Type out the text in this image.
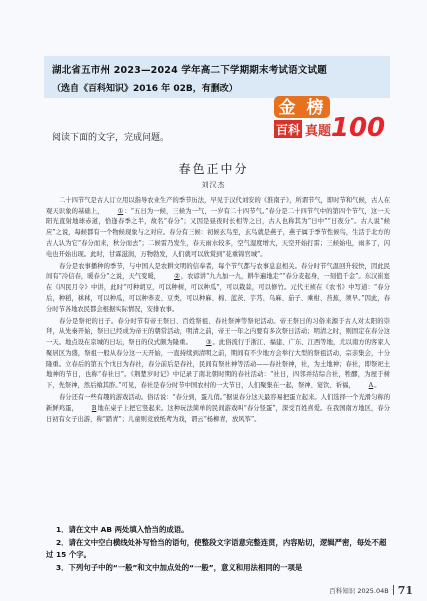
湖北省五市州 2023—2024 学年高二下学期期末考试语文试题
（选自《百科知识》2016 年 02B，有删改）
金 榜
百科 真题 100
阅读下面的文字，完成问题。
春色正中分
刘汉杰

二十四节气是古人订立用以指导农业生产的季节历法，早见于汉代刘安的《淮南子》，所谓节气，即时节和气候，古人在观天识象的基础上， ①：“五日为一候，三候为一气，一岁有二十四节气。”春分是二十四节气中的第四个节气，这一天阳光直射地球赤道，恰逢春季之半，故名“春分”；又因是昼夜时长相等之日，古人也称其为“日中”“日夜分”。古人说“候应”之说，每候都有一个物候现象与之对应。春分有三候：初候玄鸟至，玄鸟就是燕子，燕子属于季节性候鸟，生活于北方的古人认为它“春分而来，秋分而去”；二候雷乃发生，春天雨水较多，空气湿度增大，天空开始打雷；三候始电，雨多了，闪电也开始出现。此时，甘霖滋润，万物勃发，人们就可以欣赏到“花重锦官城”。

春分是农事播种的季节，与中国人是农耕文明的信奉者，每个节气都与农事息息相关。春分时节气温回升较快，因此民间有“冷信春，暖春分”之说，天气变暖， ②，农谚讲“九九加一九，耕牛遍地走”“春分麦起身，一刻值千金”。东汉崔寔在《四民月令》中讲，此时“可种胡豆，可以种树，可以种瓜”，可以栽蒜，可以修竹。元代王祯在《农书》中写道：“春分后，种稻，秫秫，可以种瓜，可以种荞麦、豆类，可以种麻、棉、蓝茨、芋艿、乌麻、茄子、乘柑、苔蕉，须早。”因此，春分时节各地农民都会根据实际情况，安排农事。

春分是祭祀的日子。春分时节有帝王祭日、百姓祭祖、春社祭神等祭祀活动。帝王祭日的习俗来源于古人对太阳的崇拜，从先秦开始，祭日已经成为帝王的朝常活动，明清之前，帝王一年之内要有多次祭日活动；明清之时，则固定在春分这一天。地点设在京城的日坛，祭日的仪式颇为隆重。 ③。此俗流行于浙江、福建、广东、江西等地，尤以南方的客家人聚居区为盛，祭祖一般从春分这一天开始，一直持续到清明之前，期间有不少地方会举行大型的祭祖活动，宗亲集会，十分隆重。立春后的第五个戊日为春社，春分前后是春社，民间有祭社神等活动——春社祭神，社，为土地神；春社，即祭祀土地神的节日，也称“春社日”。《荆楚岁时记》中记录了南北朝时期的春社活动：“社日，四邻并结综合社，牲醪，为屋于树下，先祭神，然后飨其胙。”可见，春社是春分时节中国农村的一大节日，人们聚集在一起，祭神、宴饮、祈福， A。

春分还有一些有趣的游戏活动。俗话说：“春分到，蛋儿俏。”据说春分这天最容易把蛋立起来。人们选择一个光滑匀称的新鲜鸡蛋， B地在桌子上把它竖起来。这种玩法简单的民间游戏叫“春分竖蛋”，深受百姓喜爱。在我国南方地区，春分日初有女子出游，称“踏青”；儿童则竞放纸鸢为戏，谓云“杨柳青，放风筝”。

1．请在文中 AB 两处填入恰当的成语。

2．请在文中空白横线处补写恰当的语句，使整段文字语意完整连贯，内容贴切，逻辑严密，每处不超过 15 个字。

3．下列句子中的“一般”和文中加点处的“一般”，意义和用法相同的一项是

百科知识 2025.04B 71
